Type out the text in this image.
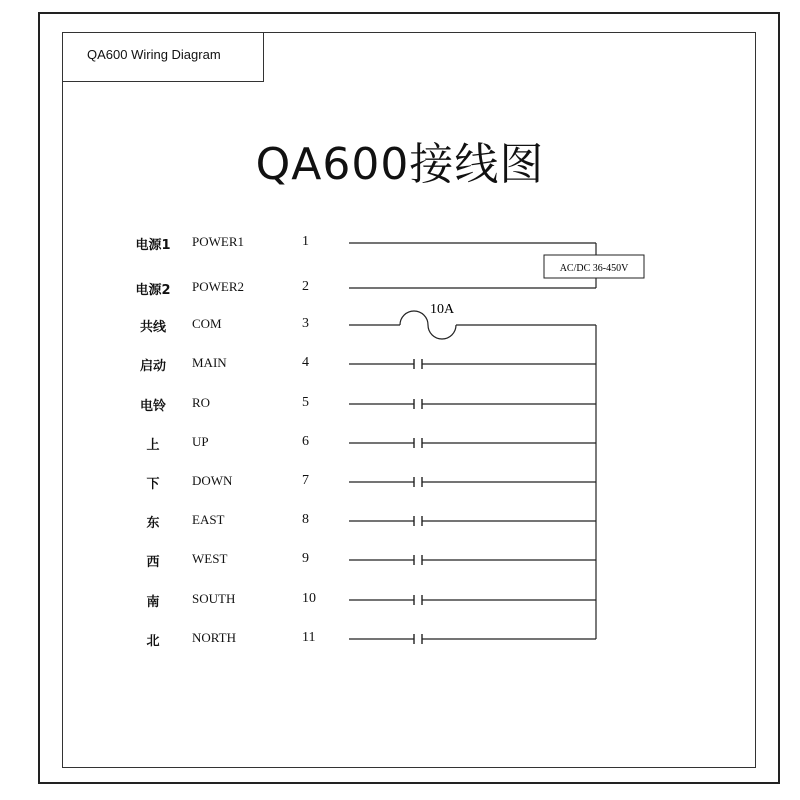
QA600 Wiring Diagram
QA600接线图
电源1	POWER1	1
电源2	POWER2	2
共线	COM	3
启动	MAIN	4
电铃	RO	5
上	UP	6
下	DOWN	7
东	EAST	8
西	WEST	9
南	SOUTH	10
北	NORTH	11
AC/DC 36-450V
10A
